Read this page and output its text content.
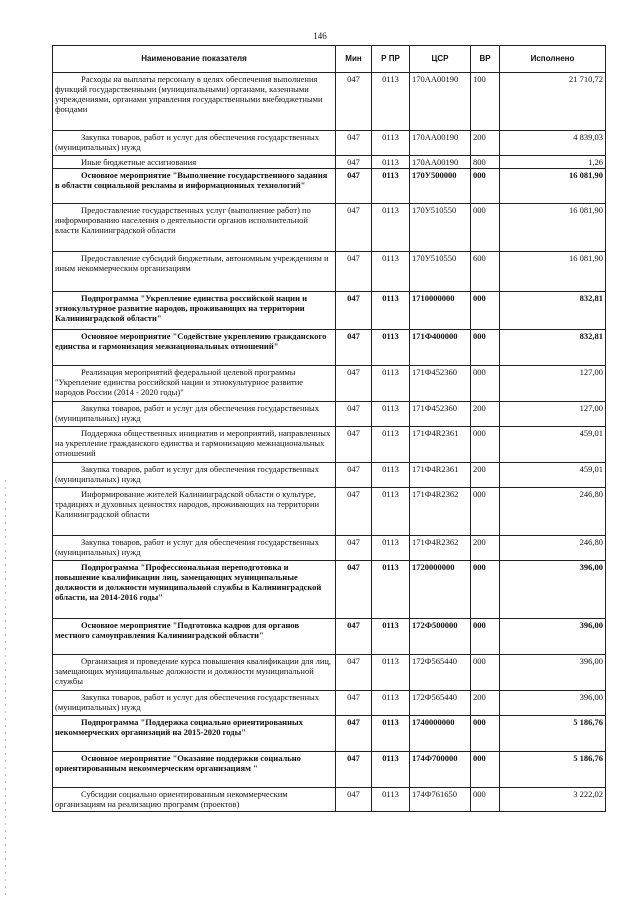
146
Наименование показателя	Мин	Р ПР	ЦСР	ВР	Исполнено
Расходы на выплаты персоналу в целях обеспечения выполнения функций государственными (муниципальными) органами, казенными учреждениями, органами управления государственными внебюджетными фондами	047	0113	170АА00190	100	21 710,72
Закупка товаров, работ и услуг для обеспечения государственных (муниципальных) нужд	047	0113	170АА00190	200	4 839,03
Иные бюджетные ассигнования	047	0113	170АА00190	800	1,26
Основное мероприятие "Выполнение государственного задания в области социальной рекламы и информационных технологий"	047	0113	170У500000	000	16 081,90
Предоставление государственных услуг (выполнение работ) по информированию населения о деятельности органов исполнительной власти Калининградской области	047	0113	170У510550	000	16 081,90
Предоставление субсидий бюджетным, автономным учреждениям и иным некоммерческим организациям	047	0113	170У510550	600	16 081,90
Подпрограмма "Укрепление единства российской нации и этнокультурное развитие народов, проживающих на территории Калининградской области"	047	0113	1710000000	000	832,81
Основное мероприятие "Содействие укреплению гражданского единства и гармонизация межнациональных отношений"	047	0113	171Ф400000	000	832,81
Реализация мероприятий федеральной целевой программы "Укрепление единства российской нации и этнокультурное развитие народов России (2014 - 2020 годы)"	047	0113	171Ф452360	000	127,00
Закупка товаров, работ и услуг для обеспечения государственных (муниципальных) нужд	047	0113	171Ф452360	200	127,00
Поддержка общественных инициатив и мероприятий, направленных на укрепление гражданского единства и гармонизацию межнациональных отношений	047	0113	171Ф4R2361	000	459,01
Закупка товаров, работ и услуг для обеспечения государственных (муниципальных) нужд	047	0113	171Ф4R2361	200	459,01
Информирование жителей Калининградской области о культуре, традициях и духовных ценностях народов, проживающих на территории Калининградской области	047	0113	171Ф4R2362	000	246,80
Закупка товаров, работ и услуг для обеспечения государственных (муниципальных) нужд	047	0113	171Ф4R2362	200	246,80
Подпрограмма "Профессиональная переподготовка и повышение квалификации лиц, замещающих муниципальные должности и должности муниципальной службы в Калининградской области, на 2014-2016 годы"	047	0113	1720000000	000	396,00
Основное мероприятие "Подготовка кадров для органов местного самоуправления Калининградской области"	047	0113	172Ф500000	000	396,00
Организация и проведение курса повышения квалификации для лиц, замещающих муниципальные должности и должности муниципальной службы	047	0113	172Ф565440	000	396,00
Закупка товаров, работ и услуг для обеспечения государственных (муниципальных) нужд	047	0113	172Ф565440	200	396,00
Подпрограмма "Поддержка социально ориентированных некоммерческих организаций на 2015-2020 годы"	047	0113	1740000000	000	5 186,76
Основное мероприятие "Оказание поддержки социально ориентированным некоммерческим организациям "	047	0113	174Ф700000	000	5 186,76
Субсидии социально ориентированным некоммерческим организациям на реализацию программ (проектов)	047	0113	174Ф761650	000	3 222,02
